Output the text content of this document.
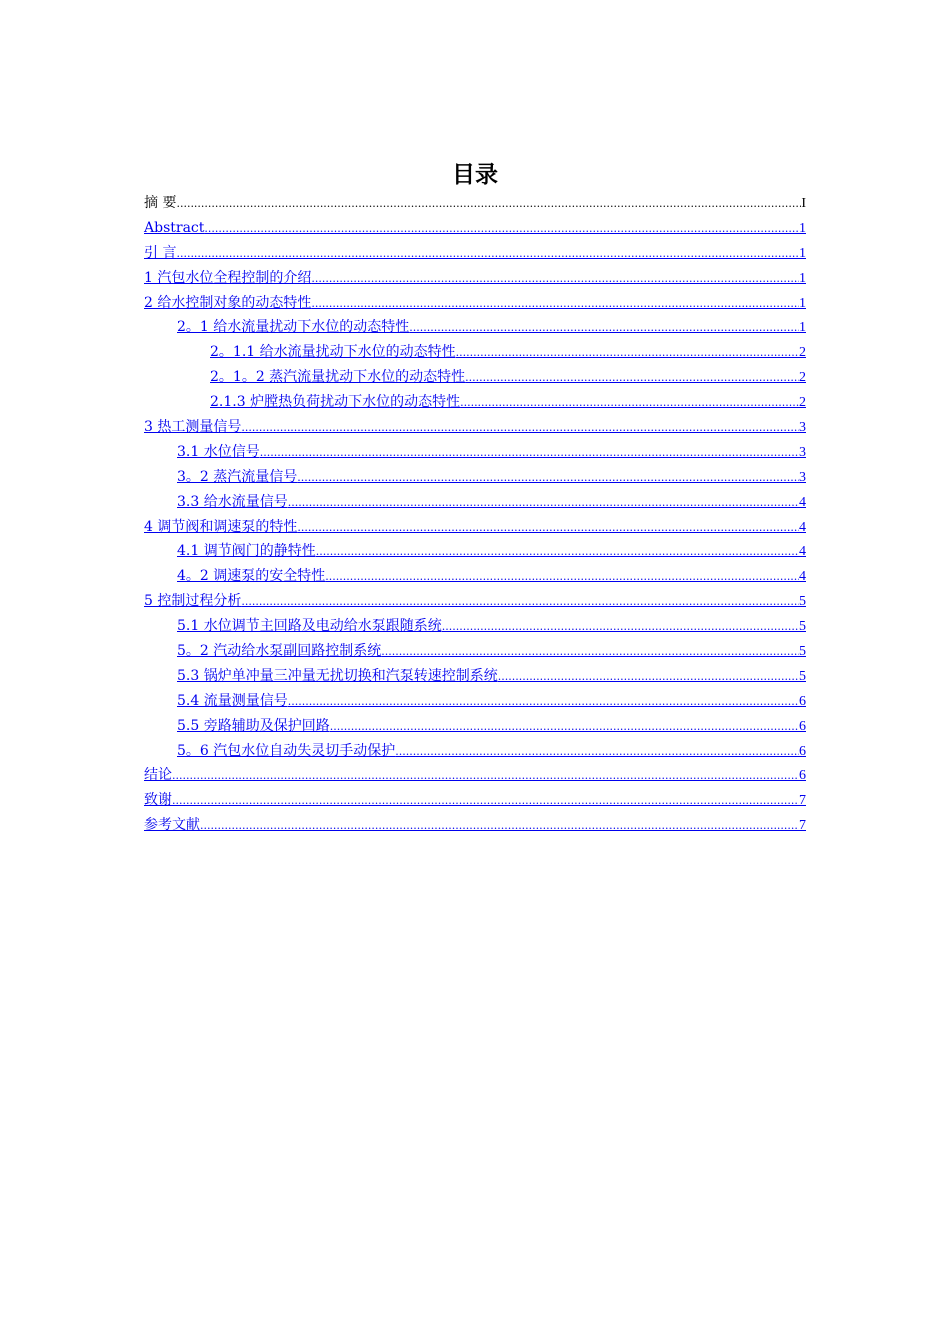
目录
摘 要 .....	I
Abstract .....	1
引 言 .....	1
1 汽包水位全程控制的介绍 .....	1
2 给水控制对象的动态特性 .....	1
2。1 给水流量扰动下水位的动态特性 .....	1
2。1.1 给水流量扰动下水位的动态特性 .....	2
2。1。2 蒸汽流量扰动下水位的动态特性 .....	2
2.1.3 炉膛热负荷扰动下水位的动态特性 .....	2
3 热工测量信号 .....	3
3.1 水位信号 .....	3
3。2 蒸汽流量信号 .....	3
3.3 给水流量信号 .....	4
4 调节阀和调速泵的特性 .....	4
4.1 调节阀门的静特性 .....	4
4。2 调速泵的安全特性 .....	4
5 控制过程分析 .....	5
5.1 水位调节主回路及电动给水泵跟随系统 .....	5
5。2 汽动给水泵副回路控制系统 .....	5
5.3 锅炉单冲量三冲量无扰切换和汽泵转速控制系统 .....	5
5.4 流量测量信号 .....	6
5.5 旁路辅助及保护回路 .....	6
5。6 汽包水位自动失灵切手动保护 .....	6
结论 .....	6
致谢 .....	7
参考文献 .....	7
